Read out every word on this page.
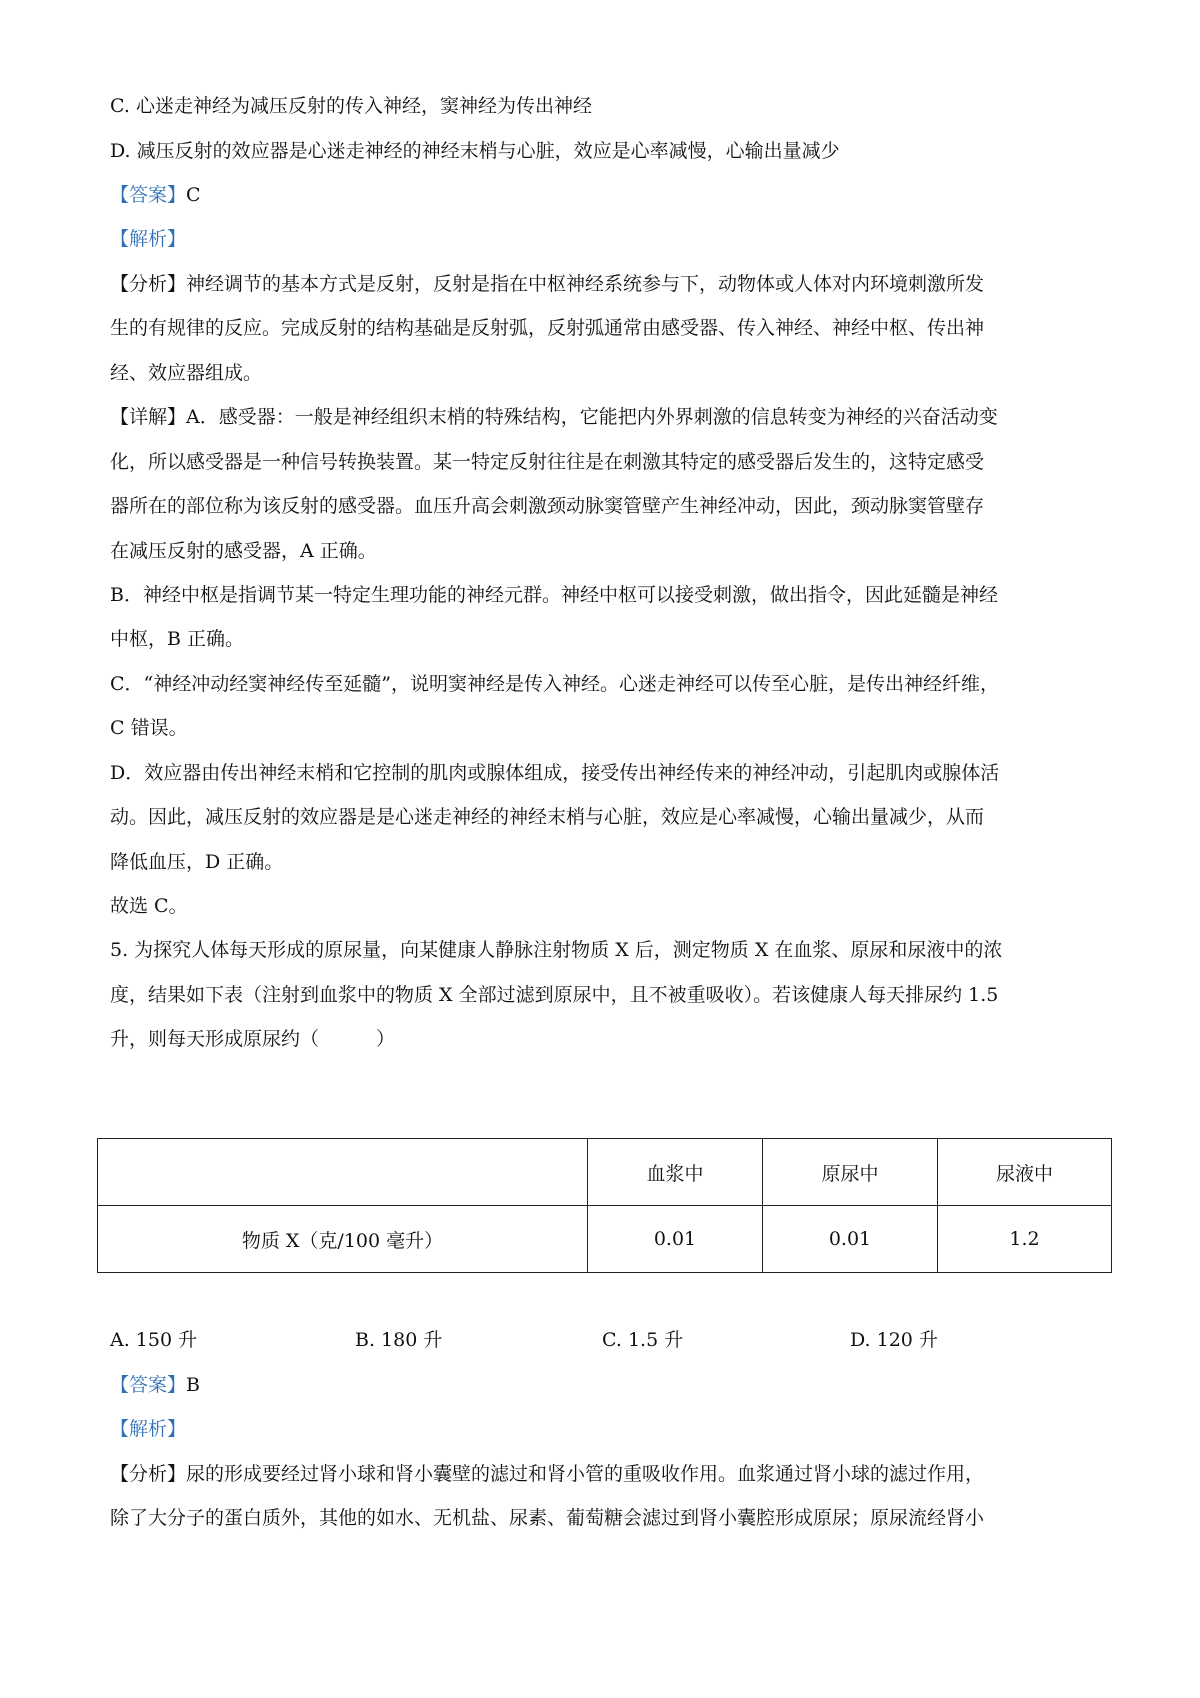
C. 心迷走神经为减压反射的传入神经，窦神经为传出神经
D. 减压反射的效应器是心迷走神经的神经末梢与心脏，效应是心率减慢，心输出量减少
【答案】C
【解析】
【分析】神经调节的基本方式是反射，反射是指在中枢神经系统参与下，动物体或人体对内环境刺激所发
生的有规律的反应。完成反射的结构基础是反射弧，反射弧通常由感受器、传入神经、神经中枢、传出神
经、效应器组成。
【详解】A．感受器：一般是神经组织末梢的特殊结构，它能把内外界刺激的信息转变为神经的兴奋活动变
化，所以感受器是一种信号转换装置。某一特定反射往往是在刺激其特定的感受器后发生的，这特定感受
器所在的部位称为该反射的感受器。血压升高会刺激颈动脉窦管壁产生神经冲动，因此，颈动脉窦管壁存
在减压反射的感受器，A 正确。
B．神经中枢是指调节某一特定生理功能的神经元群。神经中枢可以接受刺激，做出指令，因此延髓是神经
中枢，B 正确。
C．“神经冲动经窦神经传至延髓”，说明窦神经是传入神经。心迷走神经可以传至心脏，是传出神经纤维，
C 错误。
D．效应器由传出神经末梢和它控制的肌肉或腺体组成，接受传出神经传来的神经冲动，引起肌肉或腺体活
动。因此，减压反射的效应器是是心迷走神经的神经末梢与心脏，效应是心率减慢，心输出量减少，从而
降低血压，D 正确。
故选 C。
5. 为探究人体每天形成的原尿量，向某健康人静脉注射物质 X 后，测定物质 X 在血浆、原尿和尿液中的浓
度，结果如下表（注射到血浆中的物质 X 全部过滤到原尿中，且不被重吸收）。若该健康人每天排尿约 1.5
升，则每天形成原尿约（　　　）
	血浆中	原尿中	尿液中
物质 X（克/100 毫升）	0.01	0.01	1.2
A. 150 升	B. 180 升	C. 1.5 升	D. 120 升
【答案】B
【解析】
【分析】尿的形成要经过肾小球和肾小囊壁的滤过和肾小管的重吸收作用。血浆通过肾小球的滤过作用，
除了大分子的蛋白质外，其他的如水、无机盐、尿素、葡萄糖会滤过到肾小囊腔形成原尿；原尿流经肾小
